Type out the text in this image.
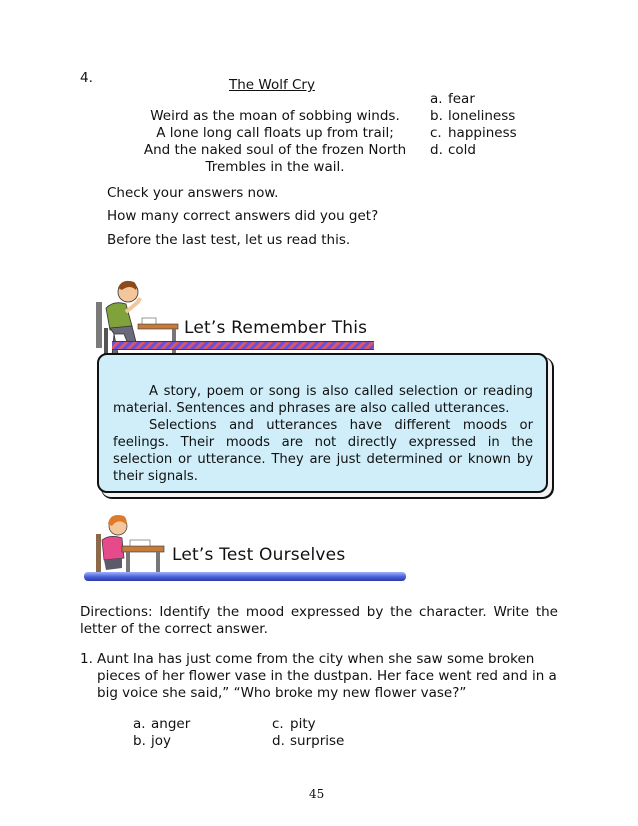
4.	The Wolf Cry
Weird as the moan of sobbing winds.
A lone long call floats up from trail;
And the naked soul of the frozen North
Trembles in the wail.
a. fear
b. loneliness
c. happiness
d. cold
Check your answers now.
How many correct answers did you get?
Before the last test, let us read this.
Let’s Remember This

A story, poem or song is also called selection or reading material. Sentences and phrases are also called utterances.

Selections and utterances have different moods or feelings. Their moods are not directly expressed in the selection or utterance. They are just determined or known by their signals.

Let’s Test Ourselves
Directions: Identify the mood expressed by the character. Write the letter of the correct answer.
1. Aunt Ina has just come from the city when she saw some broken
pieces of her flower vase in the dustpan. Her face went red and in a
big voice she said,” “Who broke my new flower vase?”
a. anger
b. joy
c. pity
d. surprise
45
